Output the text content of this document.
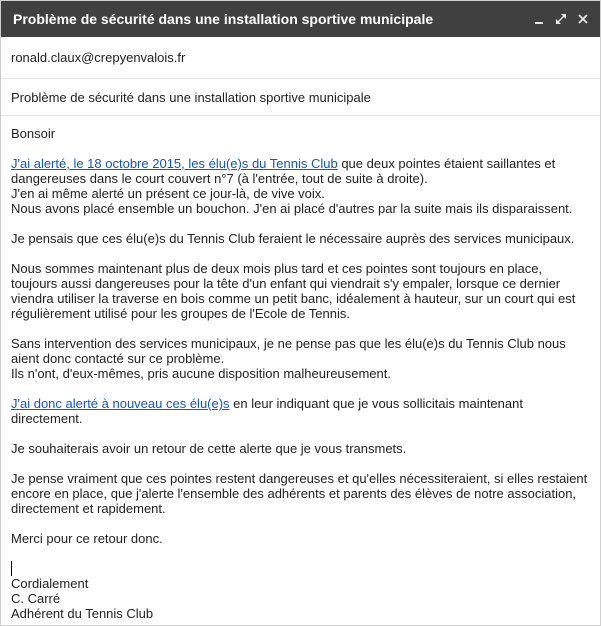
Problème de sécurité dans une installation sportive municipale
ronald.claux@crepyenvalois.fr
Problème de sécurité dans une installation sportive municipale

Bonsoir

J'ai alerté, le 18 octobre 2015, les élu(e)s du Tennis Club que deux pointes étaient saillantes et dangereuses dans le court couvert n°7 (à l'entrée, tout de suite à droite).
J'en ai même alerté un présent ce jour-là, de vive voix.
Nous avons placé ensemble un bouchon. J'en ai placé d'autres par la suite mais ils disparaissent.

Je pensais que ces élu(e)s du Tennis Club feraient le nécessaire auprès des services municipaux.

Nous sommes maintenant plus de deux mois plus tard et ces pointes sont toujours en place, toujours aussi dangereuses pour la tête d'un enfant qui viendrait s'y empaler, lorsque ce dernier viendra utiliser la traverse en bois comme un petit banc, idéalement à hauteur, sur un court qui est régulièrement utilisé pour les groupes de l'Ecole de Tennis.

Sans intervention des services municipaux, je ne pense pas que les élu(e)s du Tennis Club nous aient donc contacté sur ce problème.
Ils n'ont, d'eux-mêmes, pris aucune disposition malheureusement.

J'ai donc alerté à nouveau ces élu(e)s en leur indiquant que je vous sollicitais maintenant directement.

Je souhaiterais avoir un retour de cette alerte que je vous transmets.

Je pense vraiment que ces pointes restent dangereuses et qu'elles nécessiteraient, si elles restaient encore en place, que j'alerte l'ensemble des adhérents et parents des élèves de notre association, directement et rapidement.

Merci pour ce retour donc.

Cordialement
C. Carré
Adhérent du Tennis Club
